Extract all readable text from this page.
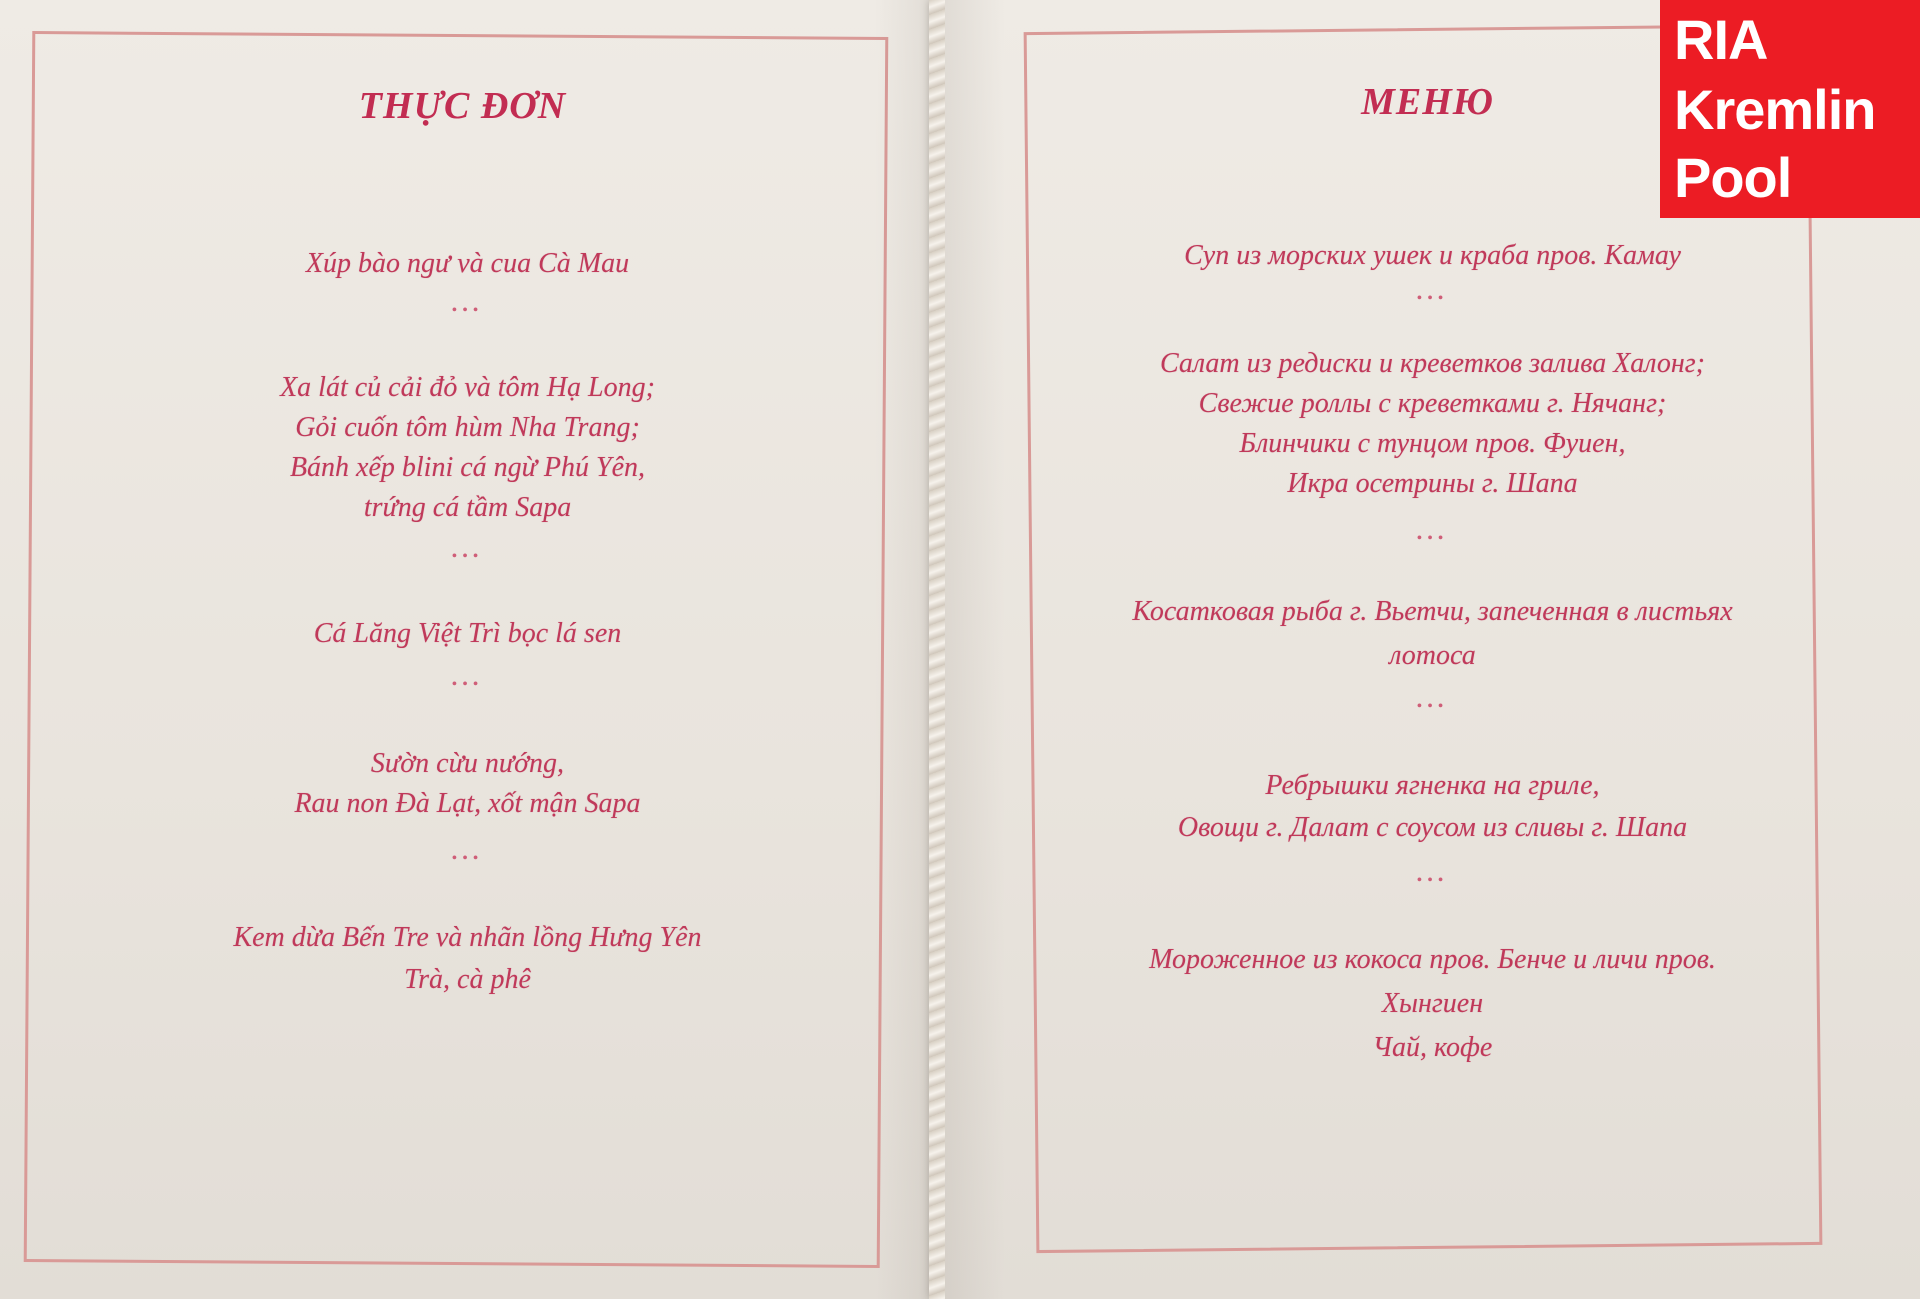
THỰC ĐƠN
Xúp bào ngư và cua Cà Mau
•••
Xa lát củ cải đỏ và tôm Hạ Long;
Gỏi cuốn tôm hùm Nha Trang;
Bánh xếp blini cá ngừ Phú Yên,
trứng cá tầm Sapa
•••
Cá Lăng Việt Trì bọc lá sen
•••
Sườn cừu nướng,
Rau non Đà Lạt, xốt mận Sapa
•••
Kem dừa Bến Tre và nhãn lồng Hưng Yên
Trà, cà phê
МЕНЮ
Суп из морских ушек и краба пров. Камау
•••
Салат из редиски и креветков залива Халонг;
Свежие роллы с креветками г. Нячанг;
Блинчики с тунцом пров. Фуиен,
Икра осетрины г. Шапа
•••
Косатковая рыба г. Вьетчи, запеченная в листьях
лотоса
•••
Ребрышки ягненка на гриле,
Овощи г. Далат с соусом из сливы г. Шапа
•••
Мороженное из кокоса пров. Бенче и личи пров.
Хынгиен
Чай, кофе
RIA
Kremlin
Pool
